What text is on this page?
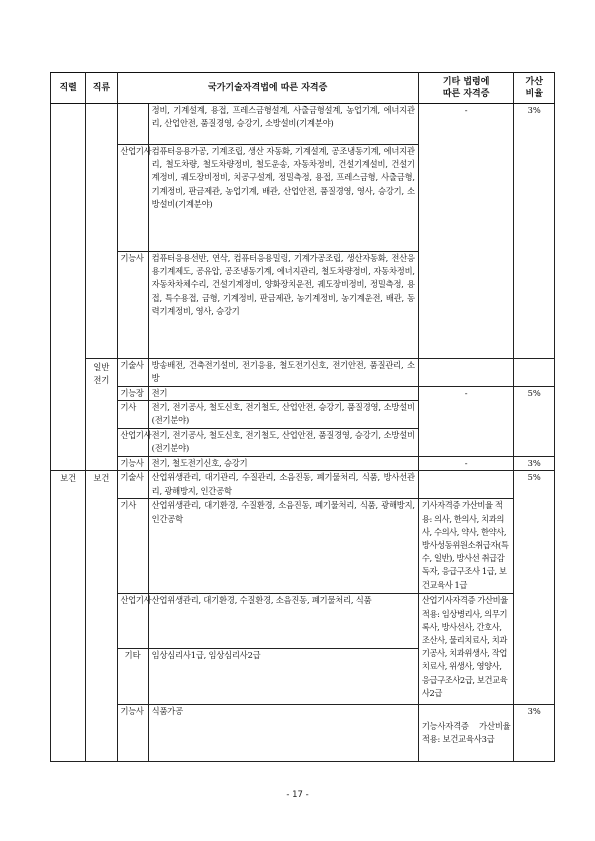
직렬	직류	국가기술자격법에 따른 자격증		기타 법령에
따른 자격증	가산
비율
			정비, 기계설계, 용접, 프레스금형설계, 사출금형설계, 농업기계, 에너지관리, 산업안전, 품질경영, 승강기, 소방설비(기계분야)	-	3%
		산업기사	컴퓨터응용가공, 기계조립, 생산 자동화, 기계설계, 공조냉동기계, 에너지관리, 철도차량, 철도차량정비, 철도운송, 자동차정비, 건설기계설비, 건설기계정비, 궤도장비정비, 치공구설계, 정밀측정, 용접, 프레스금형, 사출금형, 기계정비, 판금제관, 농업기계, 배관, 산업안전, 품질경영, 영사, 승강기, 소방설비(기계분야)		
		기능사	컴퓨터응용선반, 연삭, 컴퓨터응용밀링, 기계가공조립, 생산자동화, 전산응용기계제도, 공유압, 공조냉동기계, 에너지관리, 철도차량정비, 자동차정비, 자동차차체수리, 건설기계정비, 양화장치운전, 궤도장비정비, 정밀측정, 용접, 특수용접, 금형, 기계정비, 판금제관, 농기계정비, 농기계운전, 배관, 동력기계정비, 영사, 승강기		
	일반
전기	기술사	방송배전, 건축전기설비, 전기응용, 철도전기신호, 전기안전, 품질관리, 소방		
		기능장	전기	-	5%
		기사	전기, 전기공사, 철도신호, 전기철도, 산업안전, 승강기, 품질경영, 소방설비(전기분야)		
		산업기사	전기, 전기공사, 철도신호, 전기철도, 산업안전, 품질경영, 승강기, 소방설비(전기분야)		
		기능사	전기, 철도전기신호, 승강기	-	3%
보건	보건	기술사	산업위생관리, 대기관리, 수질관리, 소음진동, 폐기물처리, 식품, 방사선관리, 광해방지, 인간공학		5%
		기사	산업위생관리, 대기환경, 수질환경, 소음진동, 폐기물처리, 식품, 광해방지, 인간공학	기사자격증 가산비율 적용: 의사, 한의사, 치과의사, 수의사, 약사, 한약사, 방사성동위원소취급자(특수, 일반), 방사선 취급감독자, 응급구조사 1급, 보건교육사 1급	
		산업기사	산업위생관리, 대기환경, 수질환경, 소음진동, 폐기물처리, 식품	산업기사자격증 가산비율 적용: 임상병리사, 의무기록사, 방사선사, 간호사, 조산사, 물리치료사, 치과기공사, 치과위생사, 작업치료사, 위생사, 영양사, 응급구조사2급, 보건교육사2급	
		기타	임상심리사1급, 임상심리사2급		
		기능사	식품가공	기능사자격증 가산비율 적용: 보건교육사3급	3%
- 17 -
